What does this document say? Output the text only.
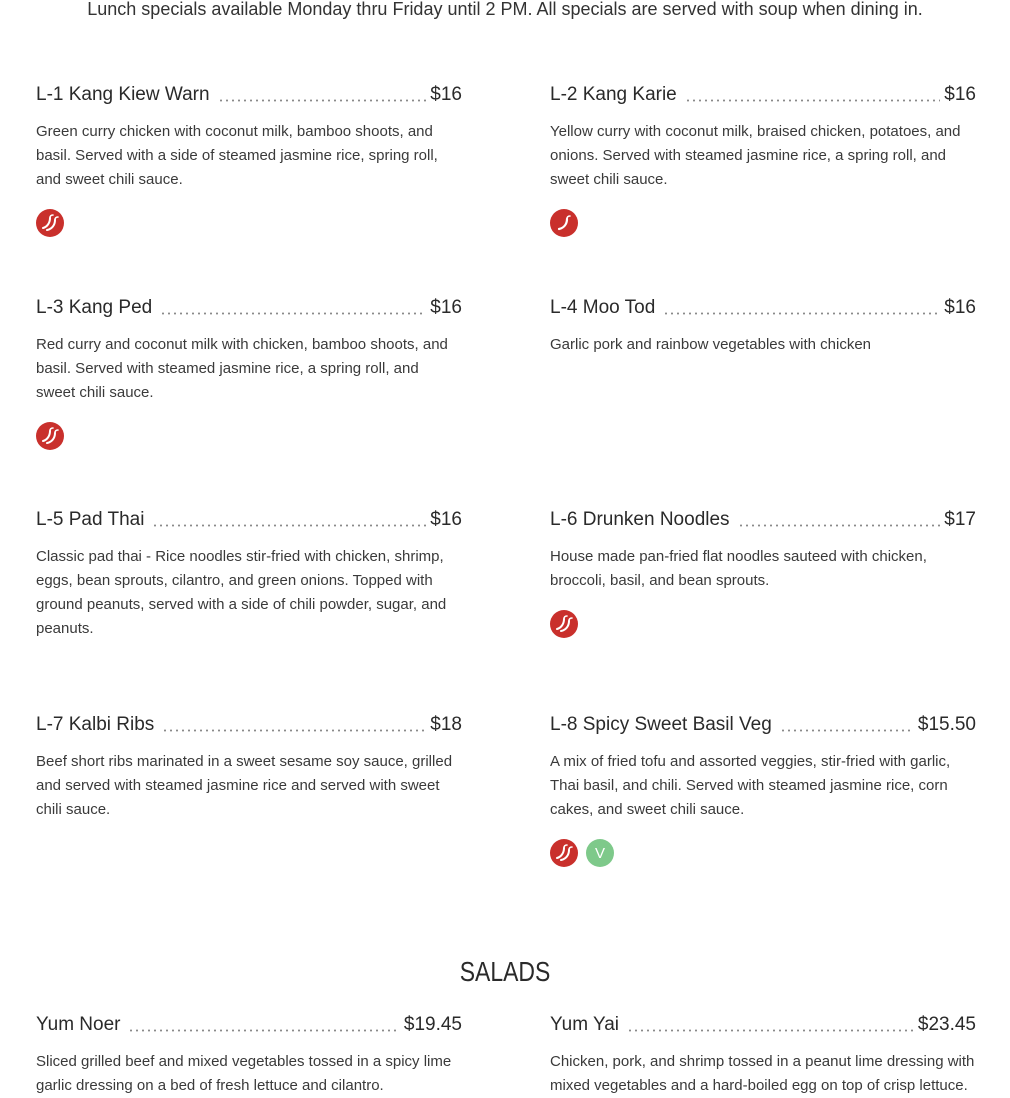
Lunch specials available Monday thru Friday until 2 PM. All specials are served with soup when dining in.
L-1 Kang Kiew Warn	$16
Green curry chicken with coconut milk, bamboo shoots, and basil. Served with a side of steamed jasmine rice, spring roll, and sweet chili sauce.
L-2 Kang Karie	$16
Yellow curry with coconut milk, braised chicken, potatoes, and onions. Served with steamed jasmine rice, a spring roll, and sweet chili sauce.
L-3 Kang Ped	$16
Red curry and coconut milk with chicken, bamboo shoots, and basil. Served with steamed jasmine rice, a spring roll, and sweet chili sauce.
L-4 Moo Tod	$16
Garlic pork and rainbow vegetables with chicken
L-5 Pad Thai	$16
Classic pad thai - Rice noodles stir-fried with chicken, shrimp, eggs, bean sprouts, cilantro, and green onions. Topped with ground peanuts, served with a side of chili powder, sugar, and peanuts.
L-6 Drunken Noodles	$17
House made pan-fried flat noodles sauteed with chicken, broccoli, basil, and bean sprouts.
L-7 Kalbi Ribs	$18
Beef short ribs marinated in a sweet sesame soy sauce, grilled and served with steamed jasmine rice and served with sweet chili sauce.
L-8 Spicy Sweet Basil Veg	$15.50
A mix of fried tofu and assorted veggies, stir-fried with garlic, Thai basil, and chili. Served with steamed jasmine rice, corn cakes, and sweet chili sauce.
V
SALADS
Yum Noer	$19.45
Sliced grilled beef and mixed vegetables tossed in a spicy lime garlic dressing on a bed of fresh lettuce and cilantro.
Yum Yai	$23.45
Chicken, pork, and shrimp tossed in a peanut lime dressing with mixed vegetables and a hard-boiled egg on top of crisp lettuce.
